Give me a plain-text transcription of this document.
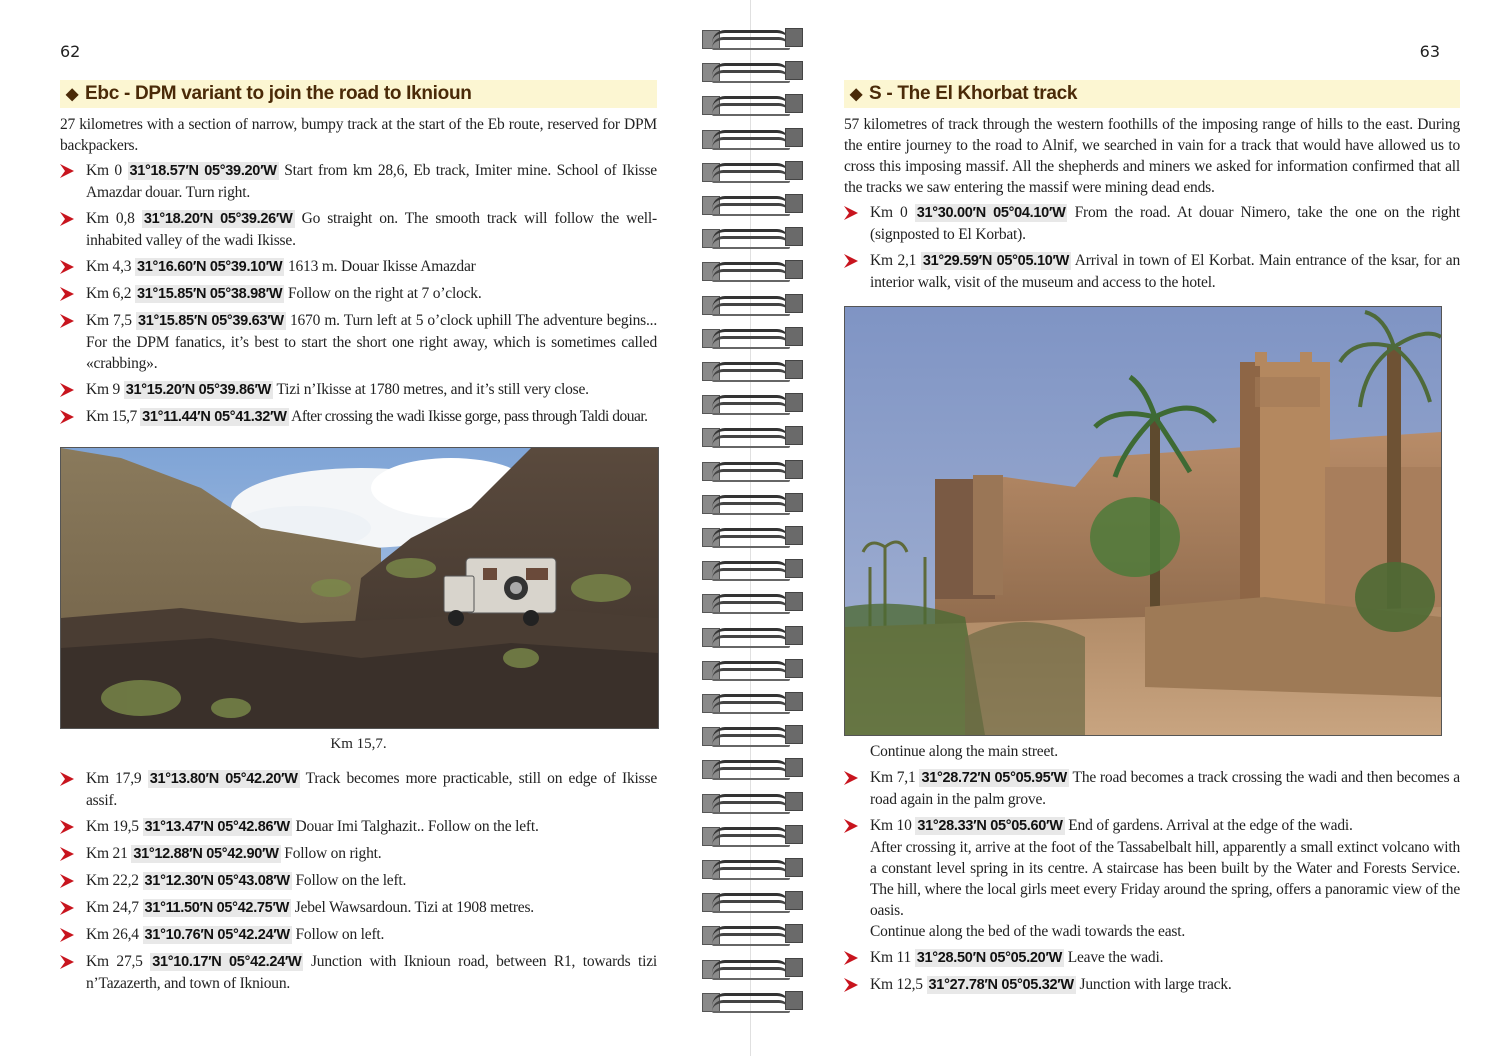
62
◆ Ebc - DPM variant to join the road to Iknioun
27 kilometres with a section of narrow, bumpy track at the start of the Eb route, reserved for DPM backpackers.
Km 0 31°18.57′N 05°39.20′W Start from km 28,6, Eb track, Imiter mine. School of Ikisse Amazdar douar. Turn right.
Km 0,8 31°18.20′N 05°39.26′W Go straight on. The smooth track will follow the well-inhabited valley of the wadi Ikisse.
Km 4,3 31°16.60′N 05°39.10′W 1613 m. Douar Ikisse Amazdar
Km 6,2 31°15.85′N 05°38.98′W Follow on the right at 7 o’clock.
Km 7,5 31°15.85′N 05°39.63′W 1670 m. Turn left at 5 o’clock uphill The adventure begins... For the DPM fanatics, it’s best to start the short one right away, which is sometimes called «crabbing».
Km 9 31°15.20′N 05°39.86′W Tizi n’Ikisse at 1780 metres, and it’s still very close.
Km 15,7 31°11.44′N 05°41.32′W After crossing the wadi Ikisse gorge, pass through Taldi douar.
Km 15,7.
Km 17,9 31°13.80′N 05°42.20′W Track becomes more practicable, still on edge of Ikisse assif.
Km 19,5 31°13.47′N 05°42.86′W Douar Imi Talghazit.. Follow on the left.
Km 21 31°12.88′N 05°42.90′W Follow on right.
Km 22,2 31°12.30′N 05°43.08′W Follow on the left.
Km 24,7 31°11.50′N 05°42.75′W Jebel Wawsardoun. Tizi at 1908 metres.
Km 26,4 31°10.76′N 05°42.24′W Follow on left.
Km 27,5 31°10.17′N 05°42.24′W Junction with Iknioun road, between R1, towards tizi n’Tazazerth, and town of Iknioun.
63
◆ S - The El Khorbat track
57 kilometres of track through the western foothills of the imposing range of hills to the east. During the entire journey to the road to Alnif, we searched in vain for a track that would have allowed us to cross this imposing massif. All the shepherds and miners we asked for information confirmed that all the tracks we saw entering the massif were mining dead ends.
Km 0 31°30.00′N 05°04.10′W From the road. At douar Nimero, take the one on the right (signposted to El Korbat).
Km 2,1 31°29.59′N 05°05.10′W Arrival in town of El Korbat. Main entrance of the ksar, for an interior walk, visit of the museum and access to the hotel.
Continue along the main street.
Km 7,1 31°28.72′N 05°05.95′W The road becomes a track crossing the wadi and then becomes a road again in the palm grove.
Km 10 31°28.33′N 05°05.60′W End of gardens. Arrival at the edge of the wadi.
After crossing it, arrive at the foot of the Tassabelbalt hill, apparently a small extinct volcano with a constant level spring in its centre. A staircase has been built by the Water and Forests Service. The hill, where the local girls meet every Friday around the spring, offers a panoramic view of the oasis.
Continue along the bed of the wadi towards the east.
Km 11 31°28.50′N 05°05.20′W Leave the wadi.
Km 12,5 31°27.78′N 05°05.32′W Junction with large track.
